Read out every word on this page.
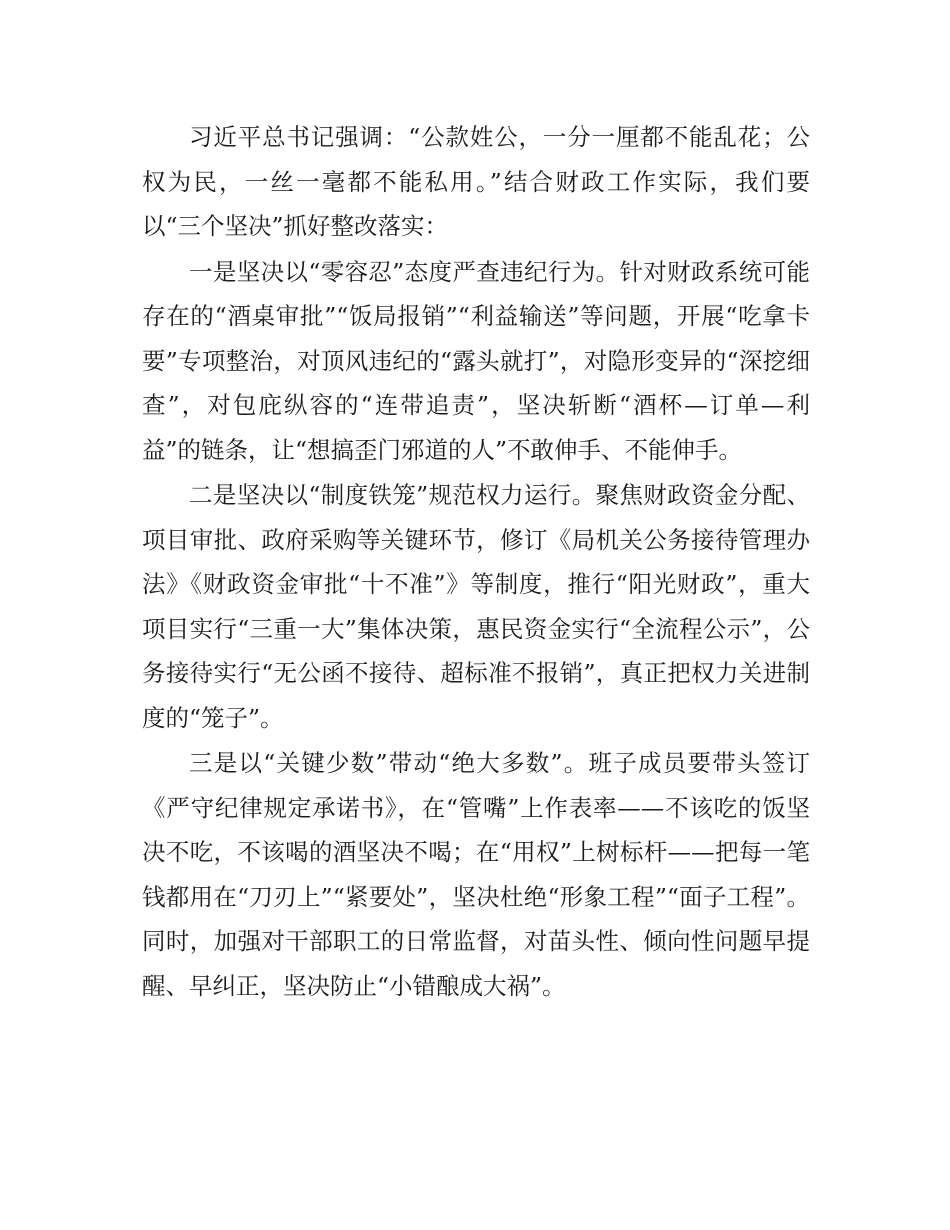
习近平总书记强调：“公款姓公，一分一厘都不能乱花；公权为民，一丝一毫都不能私用。”结合财政工作实际，我们要以“三个坚决”抓好整改落实：

一是坚决以“零容忍”态度严查违纪行为。针对财政系统可能存在的“酒桌审批”“饭局报销”“利益输送”等问题，开展“吃拿卡要”专项整治，对顶风违纪的“露头就打”，对隐形变异的“深挖细查”，对包庇纵容的“连带追责”，坚决斩断“酒杯—订单—利益”的链条，让“想搞歪门邪道的人”不敢伸手、不能伸手。

二是坚决以“制度铁笼”规范权力运行。聚焦财政资金分配、项目审批、政府采购等关键环节，修订《局机关公务接待管理办法》《财政资金审批“十不准”》等制度，推行“阳光财政”，重大项目实行“三重一大”集体决策，惠民资金实行“全流程公示”，公务接待实行“无公函不接待、超标准不报销”，真正把权力关进制度的“笼子”。

三是以“关键少数”带动“绝大多数”。班子成员要带头签订《严守纪律规定承诺书》，在“管嘴”上作表率——不该吃的饭坚决不吃，不该喝的酒坚决不喝；在“用权”上树标杆——把每一笔钱都用在“刀刃上”“紧要处”，坚决杜绝“形象工程”“面子工程”。同时，加强对干部职工的日常监督，对苗头性、倾向性问题早提醒、早纠正，坚决防止“小错酿成大祸”。
